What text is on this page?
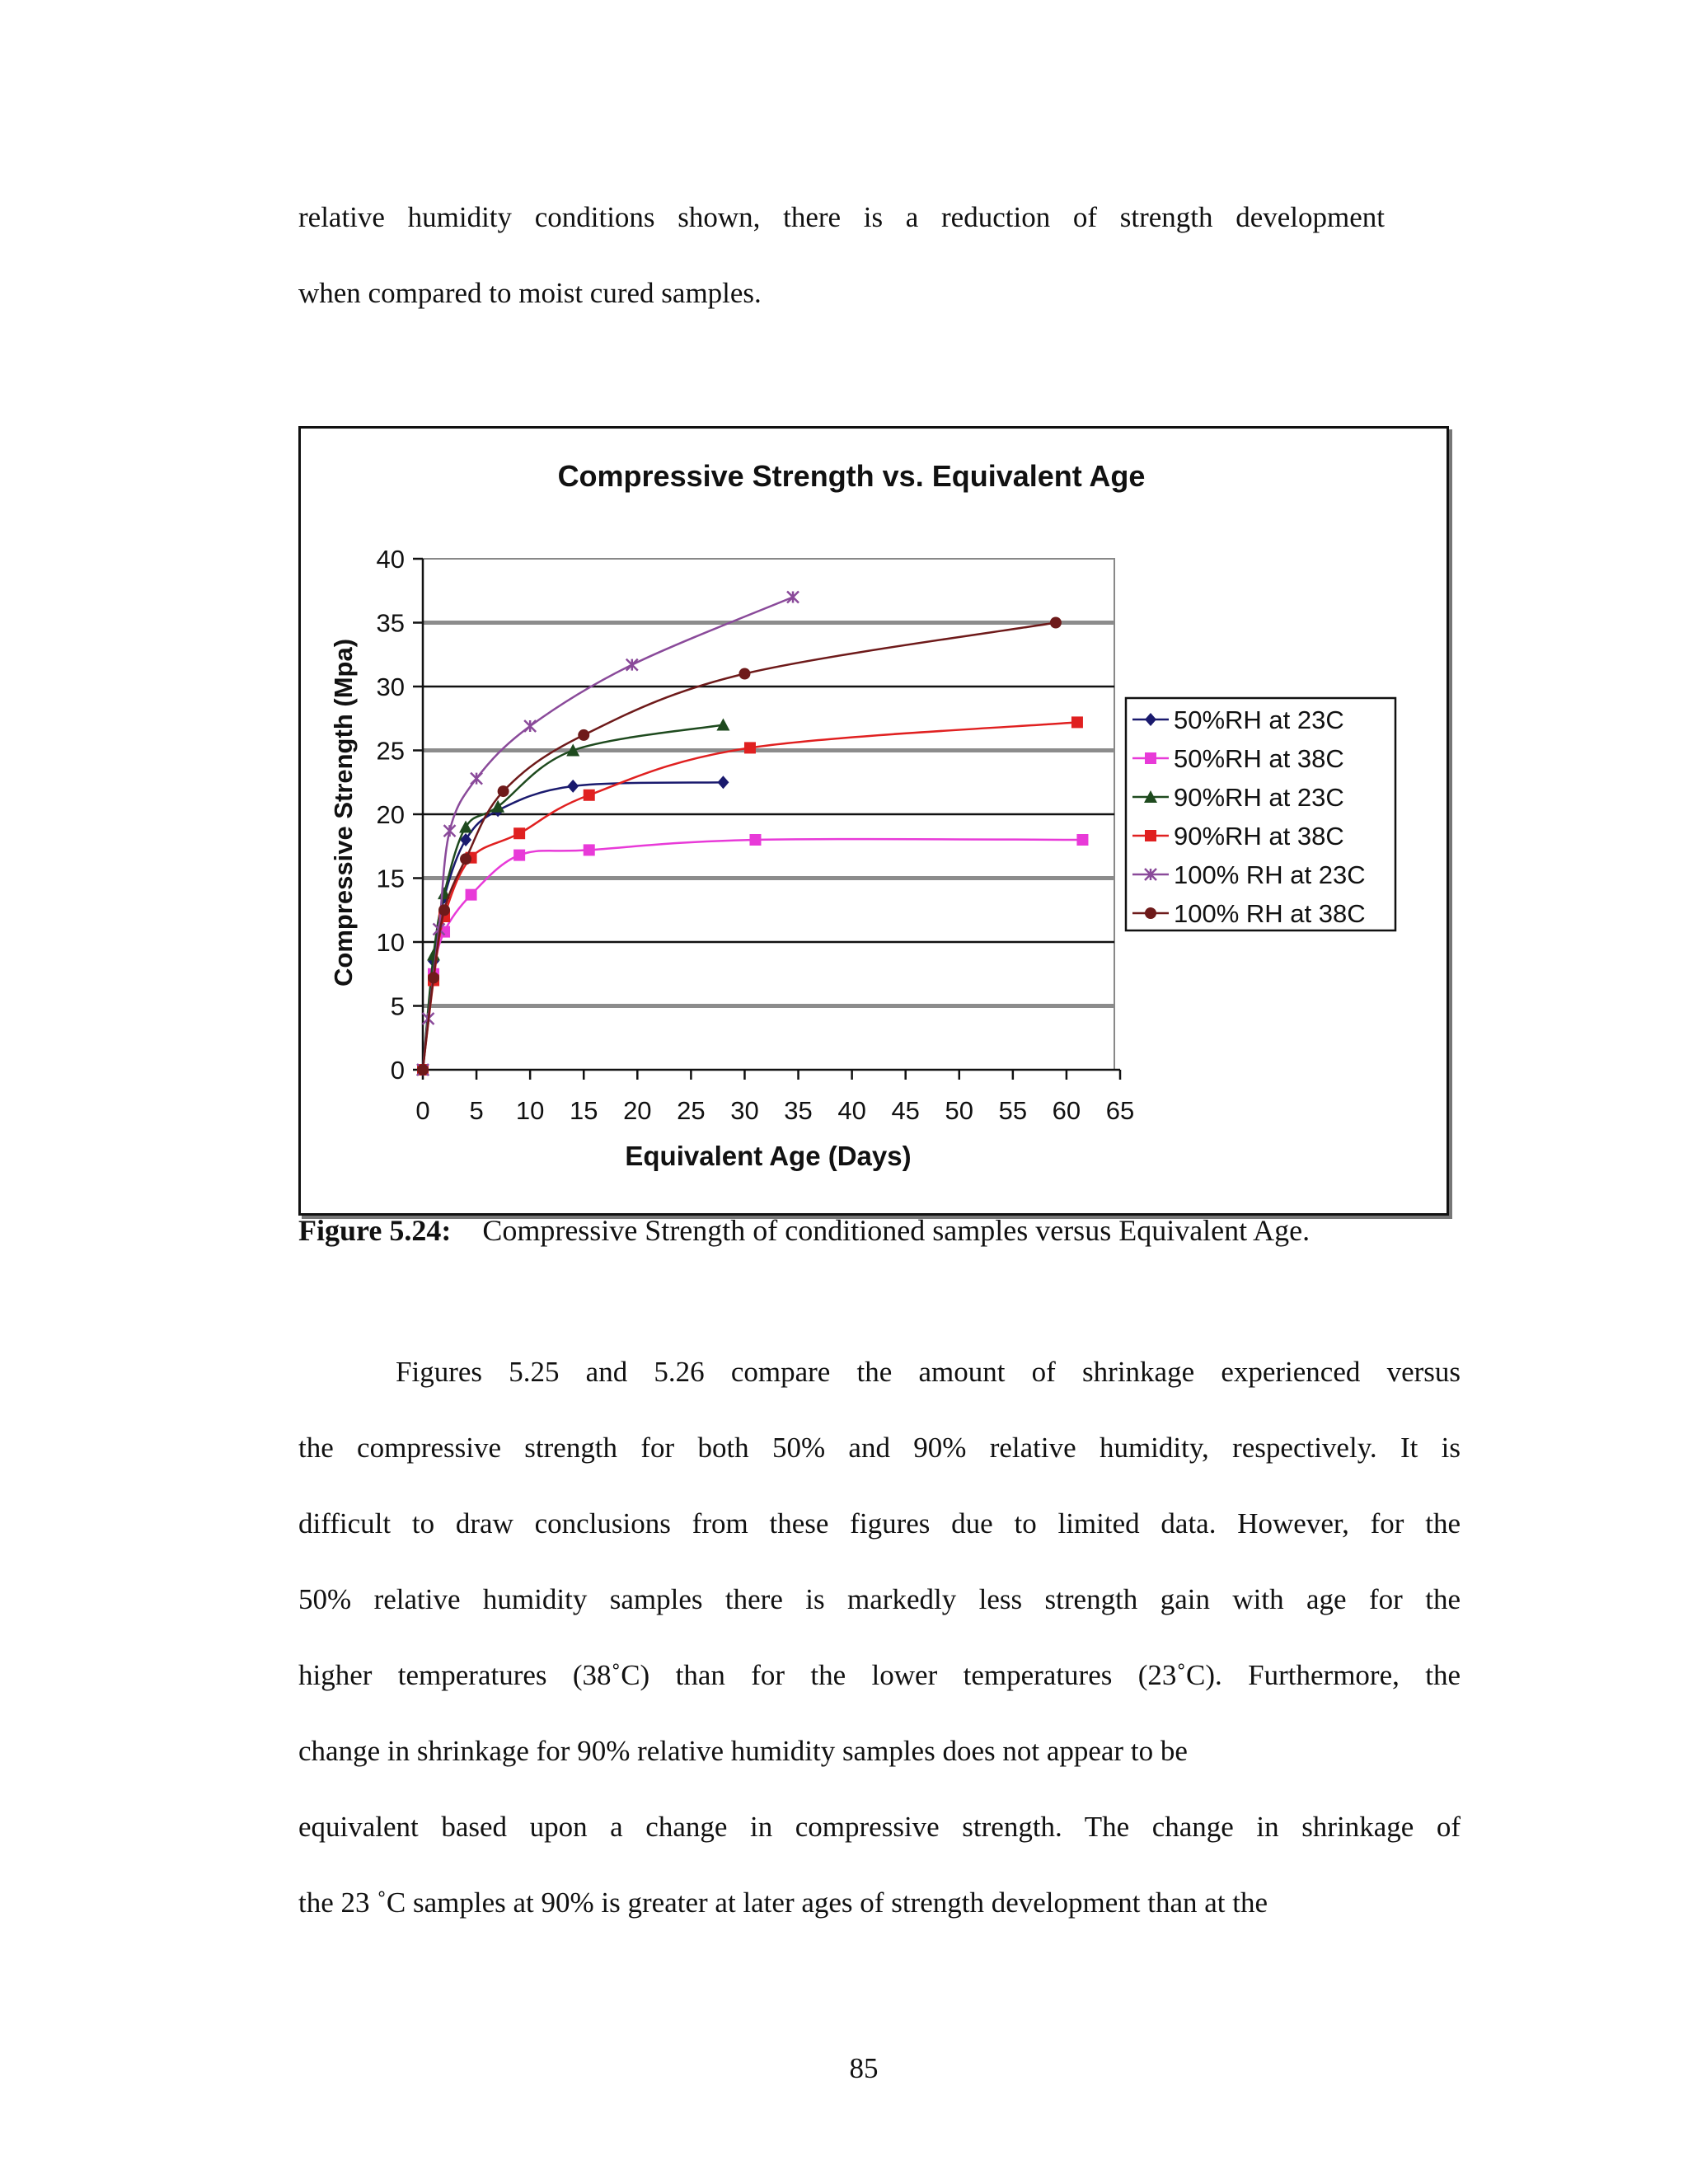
relative humidity conditions shown, there is a reduction of strength development
when compared to moist cured samples.
0
5
10
15
20
25
30
35
40
0 5 10 15 20 25 30 35 40 45 50 55 60 65
Compressive Strength vs. Equivalent Age
Equivalent Age (Days)
Compressive Strength (Mpa)	50%RH at 23C
50%RH at 38C
90%RH at 23C
90%RH at 38C
100% RH at 23C
100% RH at 38C
Figure 5.24: Compressive Strength of conditioned samples versus Equivalent Age.
Figures 5.25 and 5.26 compare the amount of shrinkage experienced versus
the compressive strength for both 50% and 90% relative humidity, respectively. It is
difficult to draw conclusions from these figures due to limited data. However, for the
50% relative humidity samples there is markedly less strength gain with age for the
higher temperatures (38˚C) than for the lower temperatures (23˚C). Furthermore, the
change in shrinkage for 90% relative humidity samples does not appear to be
equivalent based upon a change in compressive strength. The change in shrinkage of
the 23 ˚C samples at 90% is greater at later ages of strength development than at the
85
